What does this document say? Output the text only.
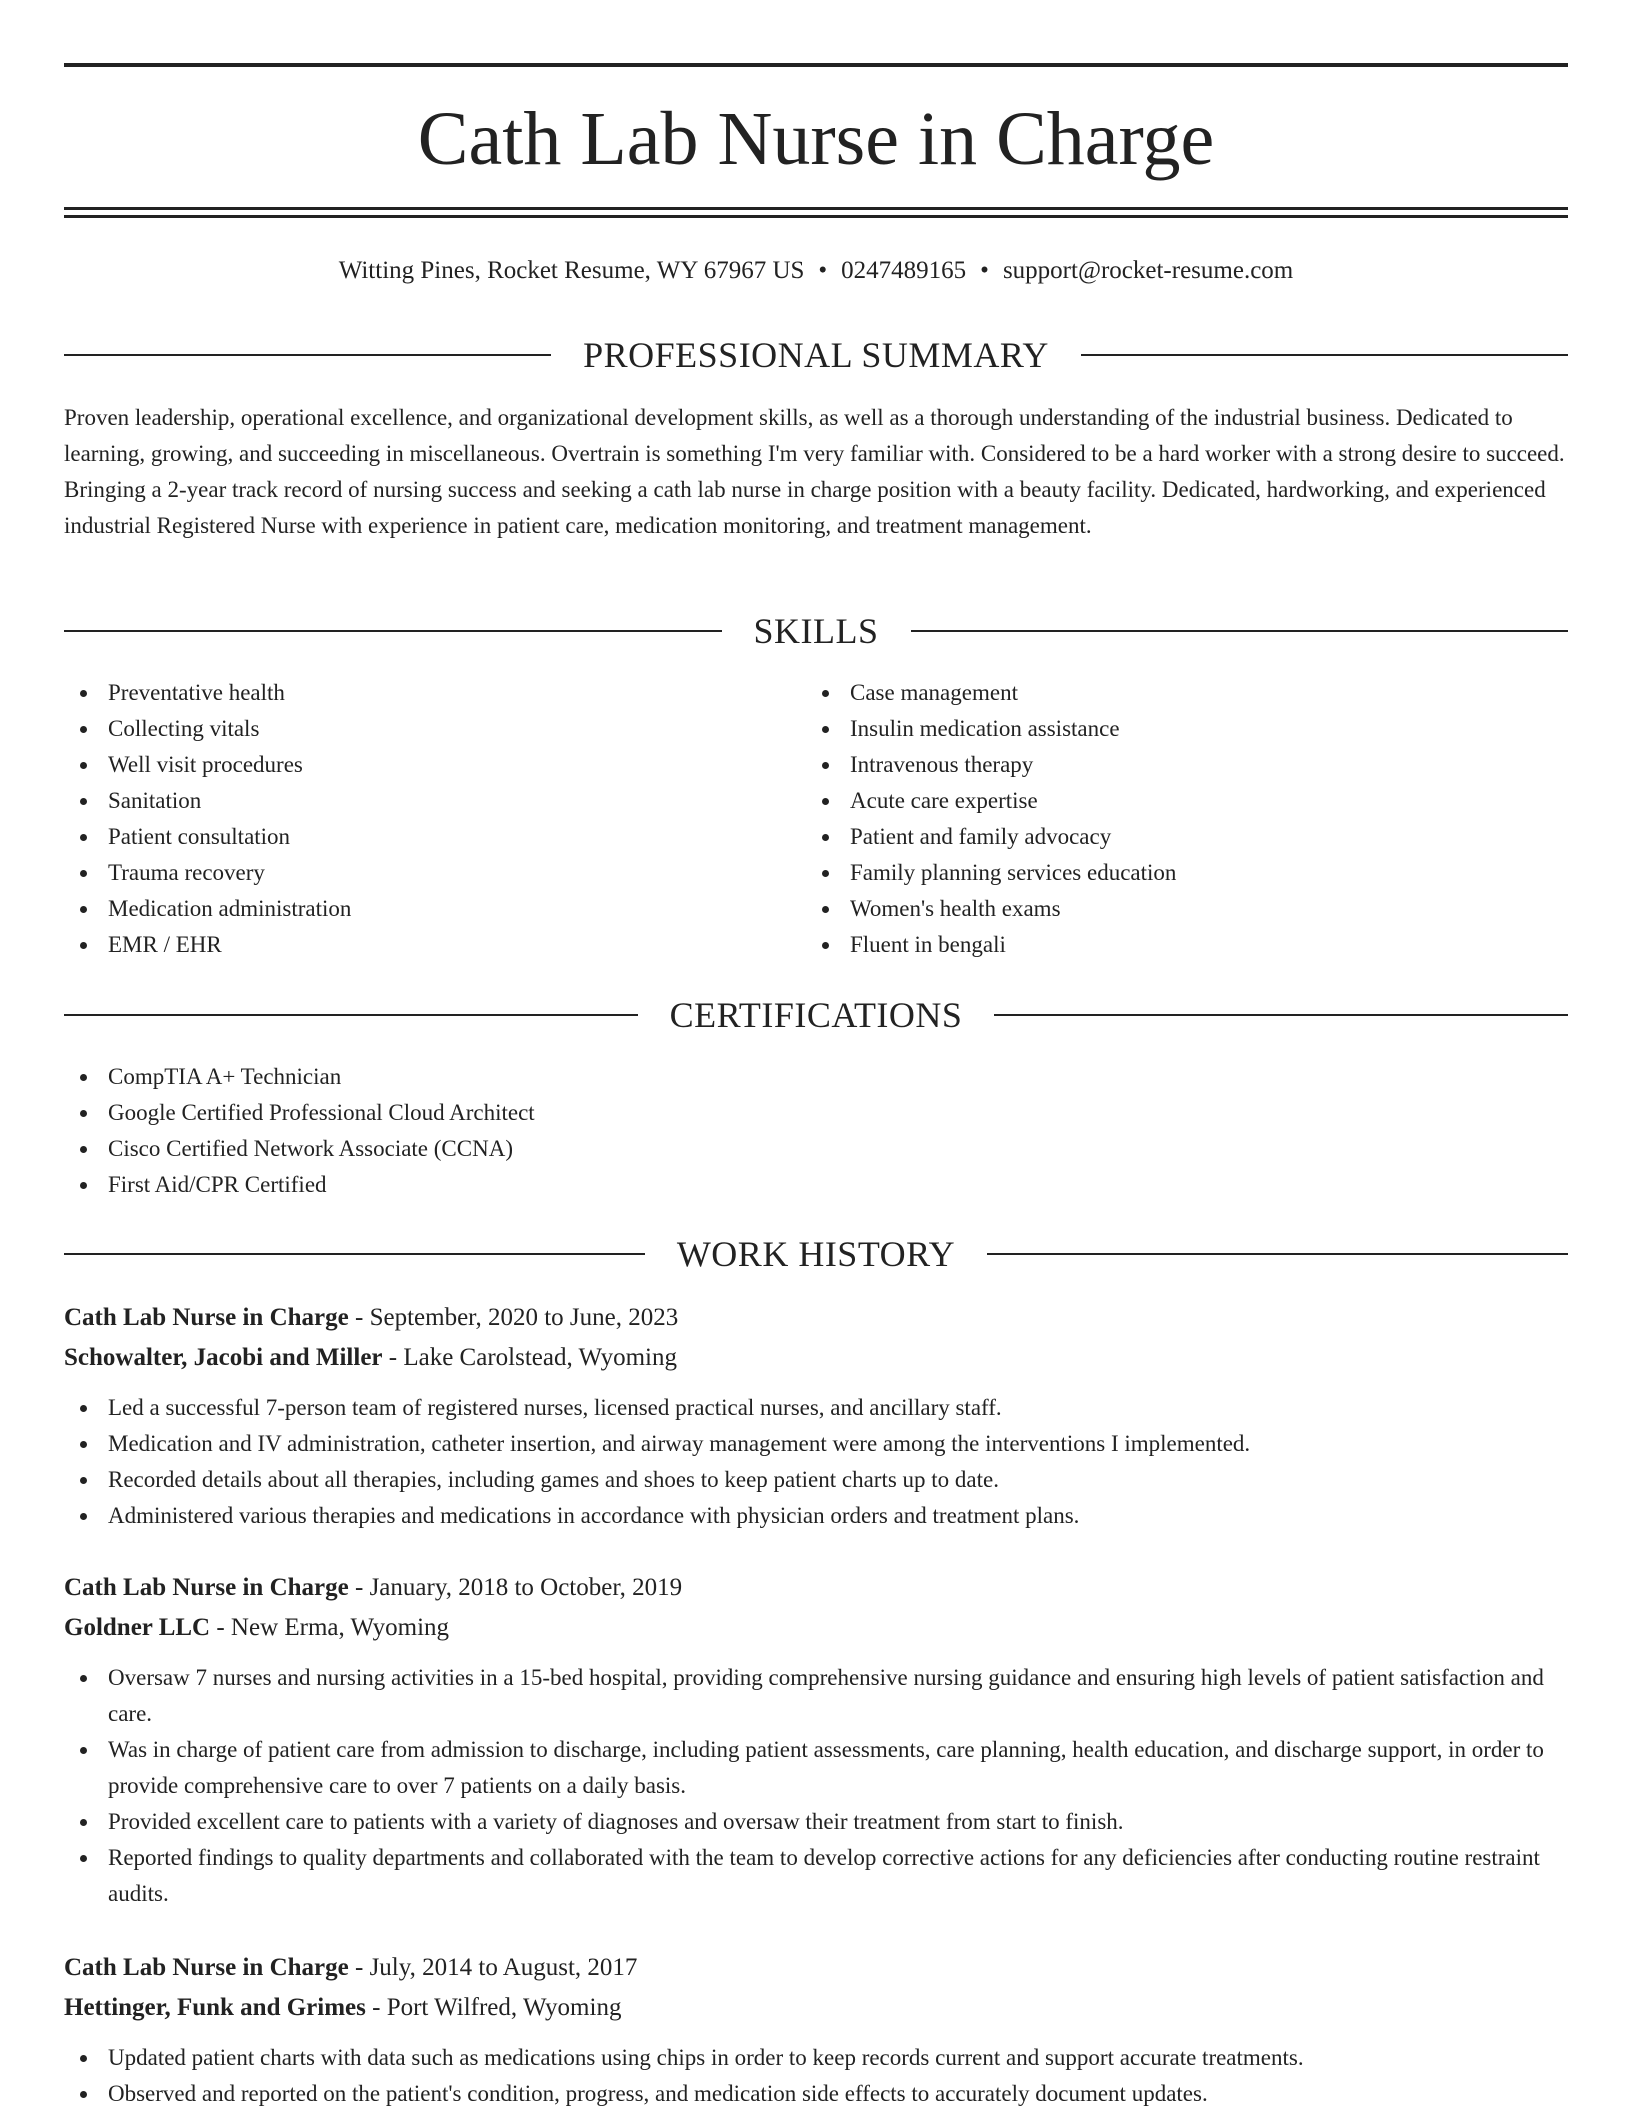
Cath Lab Nurse in Charge
Witting Pines, Rocket Resume, WY 67967 US • 0247489165 • support@rocket-resume.com
PROFESSIONAL SUMMARY

Proven leadership, operational excellence, and organizational development skills, as well as a thorough understanding of the industrial business. Dedicated to learning, growing, and succeeding in miscellaneous. Overtrain is something I'm very familiar with. Considered to be a hard worker with a strong desire to succeed. Bringing a 2-year track record of nursing success and seeking a cath lab nurse in charge position with a beauty facility. Dedicated, hardworking, and experienced industrial Registered Nurse with experience in patient care, medication monitoring, and treatment management.

SKILLS
Preventative health
Collecting vitals
Well visit procedures
Sanitation
Patient consultation
Trauma recovery
Medication administration
EMR / EHR
Case management
Insulin medication assistance
Intravenous therapy
Acute care expertise
Patient and family advocacy
Family planning services education
Women's health exams
Fluent in bengali
CERTIFICATIONS
CompTIA A+ Technician
Google Certified Professional Cloud Architect
Cisco Certified Network Associate (CCNA)
First Aid/CPR Certified
WORK HISTORY
Cath Lab Nurse in Charge - September, 2020 to June, 2023
Schowalter, Jacobi and Miller - Lake Carolstead, Wyoming
Led a successful 7-person team of registered nurses, licensed practical nurses, and ancillary staff.
Medication and IV administration, catheter insertion, and airway management were among the interventions I implemented.
Recorded details about all therapies, including games and shoes to keep patient charts up to date.
Administered various therapies and medications in accordance with physician orders and treatment plans.
Cath Lab Nurse in Charge - January, 2018 to October, 2019
Goldner LLC - New Erma, Wyoming
Oversaw 7 nurses and nursing activities in a 15-bed hospital, providing comprehensive nursing guidance and ensuring high levels of patient satisfaction and care.
Was in charge of patient care from admission to discharge, including patient assessments, care planning, health education, and discharge support, in order to provide comprehensive care to over 7 patients on a daily basis.
Provided excellent care to patients with a variety of diagnoses and oversaw their treatment from start to finish.
Reported findings to quality departments and collaborated with the team to develop corrective actions for any deficiencies after conducting routine restraint audits.
Cath Lab Nurse in Charge - July, 2014 to August, 2017
Hettinger, Funk and Grimes - Port Wilfred, Wyoming
Updated patient charts with data such as medications using chips in order to keep records current and support accurate treatments.
Observed and reported on the patient's condition, progress, and medication side effects to accurately document updates.
